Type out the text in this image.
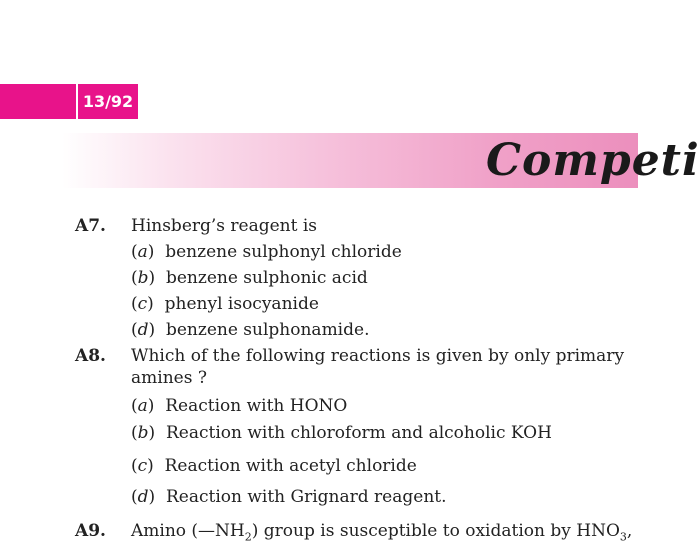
13/92
Competi
A7. Hinsberg’s reagent is
(a)  benzene sulphonyl chloride
(b)  benzene sulphonic acid
(c)  phenyl isocyanide
(d)  benzene sulphonamide.
A8. Which of the following reactions is given by only primary
amines ?
(a)  Reaction with HONO
(b)  Reaction with chloroform and alcoholic KOH
(c)  Reaction with acetyl chloride
(d)  Reaction with Grignard reagent.
A9. Amino $(—NH_2)$ group is susceptible to oxidation by $HNO_3$,
